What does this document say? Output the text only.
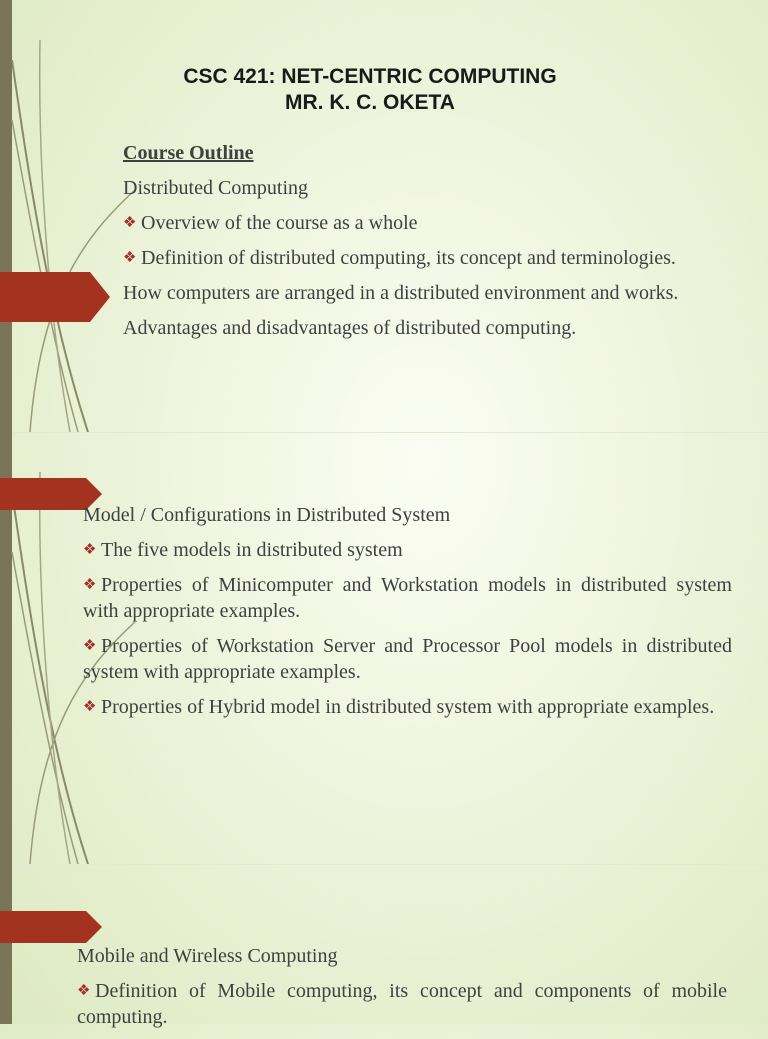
CSC 421: NET-CENTRIC COMPUTING
MR. K. C. OKETA
Course Outline
Distributed Computing
❖ Overview of the course as a whole
❖ Definition of distributed computing, its concept and terminologies.
How computers are arranged in a distributed environment and works.
Advantages and disadvantages of distributed computing.
Model / Configurations in Distributed System
❖ The five models in distributed system
❖ Properties of Minicomputer and Workstation models in distributed system with appropriate examples.
❖ Properties of Workstation Server and Processor Pool models in distributed system with appropriate examples.
❖ Properties of Hybrid model in distributed system with appropriate examples.
Mobile and Wireless Computing
❖ Definition of Mobile computing, its concept and components of mobile computing.
